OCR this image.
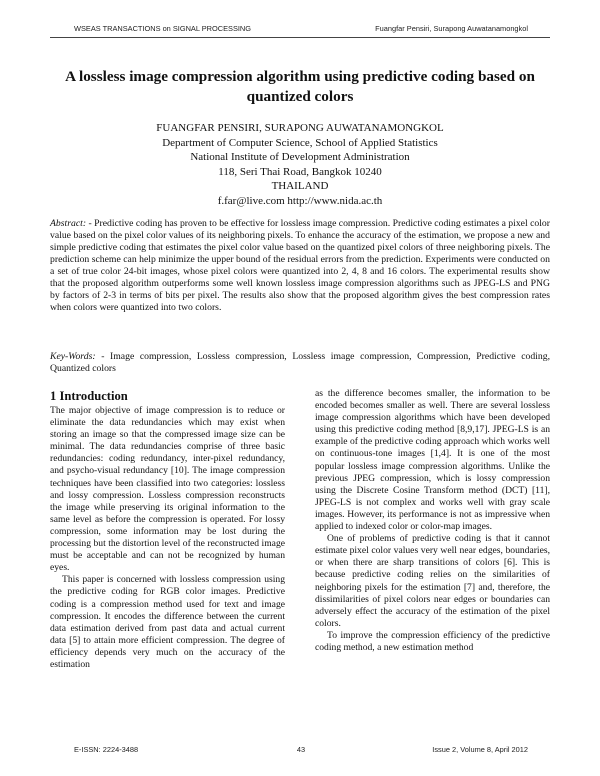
WSEAS TRANSACTIONS on SIGNAL PROCESSING	Fuangfar Pensiri, Surapong Auwatanamongkol
A lossless image compression algorithm using predictive coding based on quantized colors
FUANGFAR PENSIRI, SURAPONG AUWATANAMONGKOL
Department of Computer Science, School of Applied Statistics
National Institute of Development Administration
118, Seri Thai Road, Bangkok 10240
THAILAND
f.far@live.com http://www.nida.ac.th

Abstract: - Predictive coding has proven to be effective for lossless image compression. Predictive coding estimates a pixel color value based on the pixel color values of its neighboring pixels. To enhance the accuracy of the estimation, we propose a new and simple predictive coding that estimates the pixel color value based on the quantized pixel colors of three neighboring pixels. The prediction scheme can help minimize the upper bound of the residual errors from the prediction. Experiments were conducted on a set of true color 24-bit images, whose pixel colors were quantized into 2, 4, 8 and 16 colors. The experimental results show that the proposed algorithm outperforms some well known lossless image compression algorithms such as JPEG-LS and PNG by factors of 2-3 in terms of bits per pixel. The results also show that the proposed algorithm gives the best compression rates when colors were quantized into two colors.

Key-Words: - Image compression, Lossless compression, Lossless image compression, Compression, Predictive coding, Quantized colors

1 Introduction

The major objective of image compression is to reduce or eliminate the data redundancies which may exist when storing an image so that the compressed image size can be minimal. The data redundancies comprise of three basic redundancies: coding redundancy, inter-pixel redundancy, and psycho-visual redundancy [10]. The image compression techniques have been classified into two categories: lossless and lossy compression. Lossless compression reconstructs the image while preserving its original information to the same level as before the compression is operated. For lossy compression, some information may be lost during the processing but the distortion level of the reconstructed image must be acceptable and can not be recognized by human eyes.

This paper is concerned with lossless compression using the predictive coding for RGB color images. Predictive coding is a compression method used for text and image compression. It encodes the difference between the current data estimation derived from past data and actual current data [5] to attain more efficient compression. The degree of efficiency depends very much on the accuracy of the estimation

as the difference becomes smaller, the information to be encoded becomes smaller as well. There are several lossless image compression algorithms which have been developed using this predictive coding method [8,9,17]. JPEG-LS is an example of the predictive coding approach which works well on continuous-tone images [1,4]. It is one of the most popular lossless image compression algorithms. Unlike the previous JPEG compression, which is lossy compression using the Discrete Cosine Transform method (DCT) [11], JPEG-LS is not complex and works well with gray scale images. However, its performance is not as impressive when applied to indexed color or color-map images.

One of problems of predictive coding is that it cannot estimate pixel color values very well near edges, boundaries, or when there are sharp transitions of colors [6]. This is because predictive coding relies on the similarities of neighboring pixels for the estimation [7] and, therefore, the dissimilarities of pixel colors near edges or boundaries can adversely effect the accuracy of the estimation of the pixel colors.

To improve the compression efficiency of the predictive coding method, a new estimation method

E-ISSN: 2224-3488	43	Issue 2, Volume 8, April 2012
